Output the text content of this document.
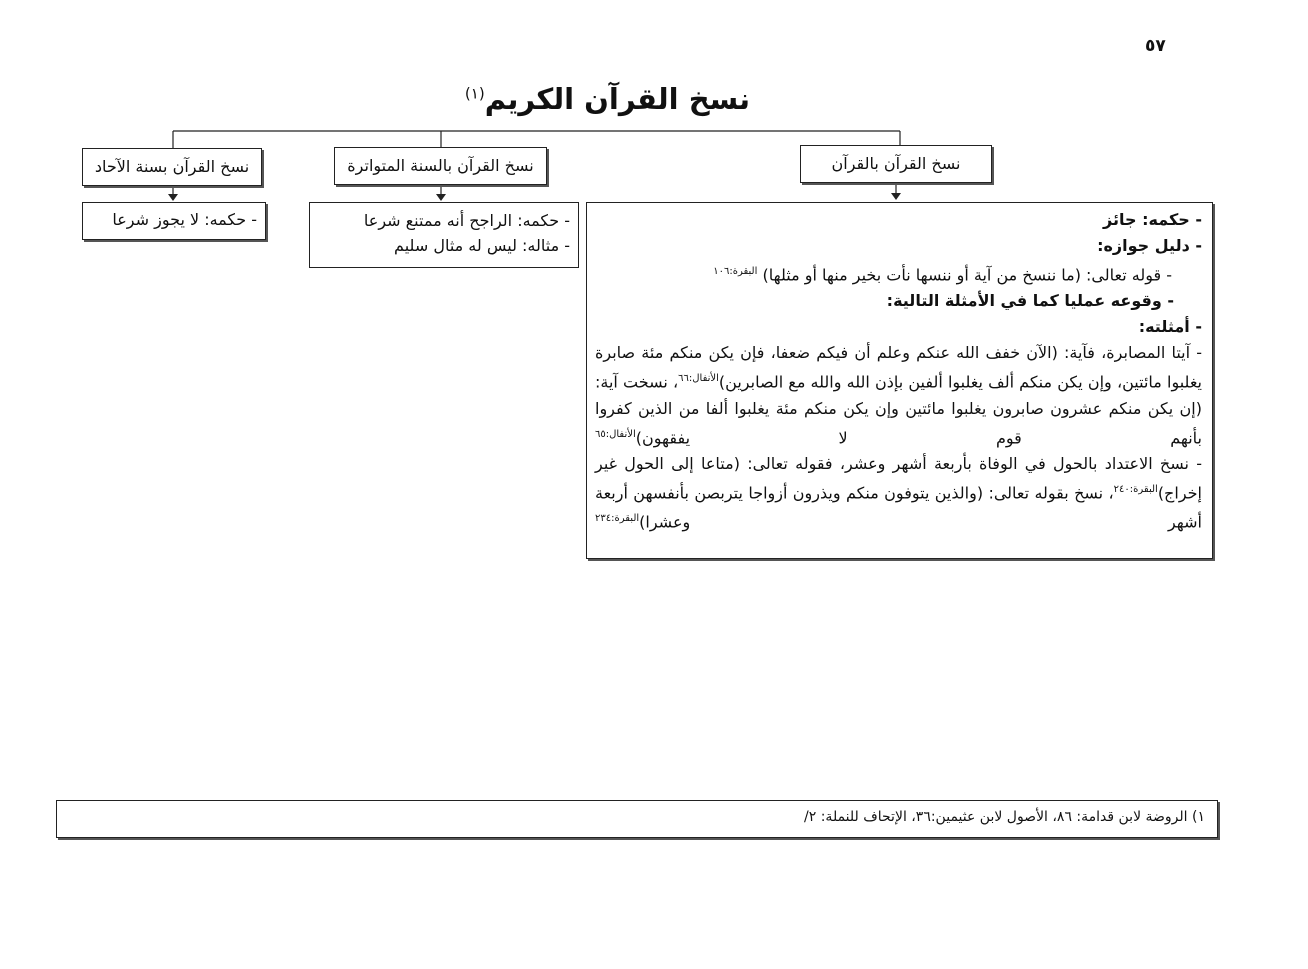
٥٧
نسخ القرآن الكريم$^{(١)}$
نسخ القرآن بالقرآن
نسخ القرآن بالسنة المتواترة
نسخ القرآن بسنة الآحاد
- حكمه: لا يجوز شرعا	- حكمه: الراجح أنه ممتنع شرعا
- مثاله: ليس له مثال سليم
- حكمه: جائز
- دليل جوازه:
- قوله تعالى: (ما ننسخ من آية أو ننسها نأت بخير منها أو مثلها) $^{البقرة:١٠٦}$
- وقوعه عمليا كما في الأمثلة التالية:
- أمثلته:
- آيتا المصابرة، فآية: (الآن خفف الله عنكم وعلم أن فيكم ضعفا، فإن يكن منكم مئة صابرة يغلبوا مائتين، وإن يكن منكم ألف يغلبوا ألفين بإذن الله والله مع الصابرين)$^{الأنفال:٦٦}$، نسخت آية: (إن يكن منكم عشرون صابرون يغلبوا مائتين وإن يكن منكم مئة يغلبوا ألفا من الذين كفروا بأنهم قوم لا يفقهون)$^{الأنفال:٦٥}$
- نسخ الاعتداد بالحول في الوفاة بأربعة أشهر وعشر، فقوله تعالى: (متاعا إلى الحول غير إخراج)$^{البقرة:٢٤٠}$، نسخ بقوله تعالى: (والذين يتوفون منكم ويذرون أزواجا يتربصن بأنفسهن أربعة أشهر وعشرا)$^{البقرة:٢٣٤}$
١) الروضة لابن قدامة: ٨٦، الأصول لابن عثيمين:٣٦، الإتحاف للنملة: ٢/
